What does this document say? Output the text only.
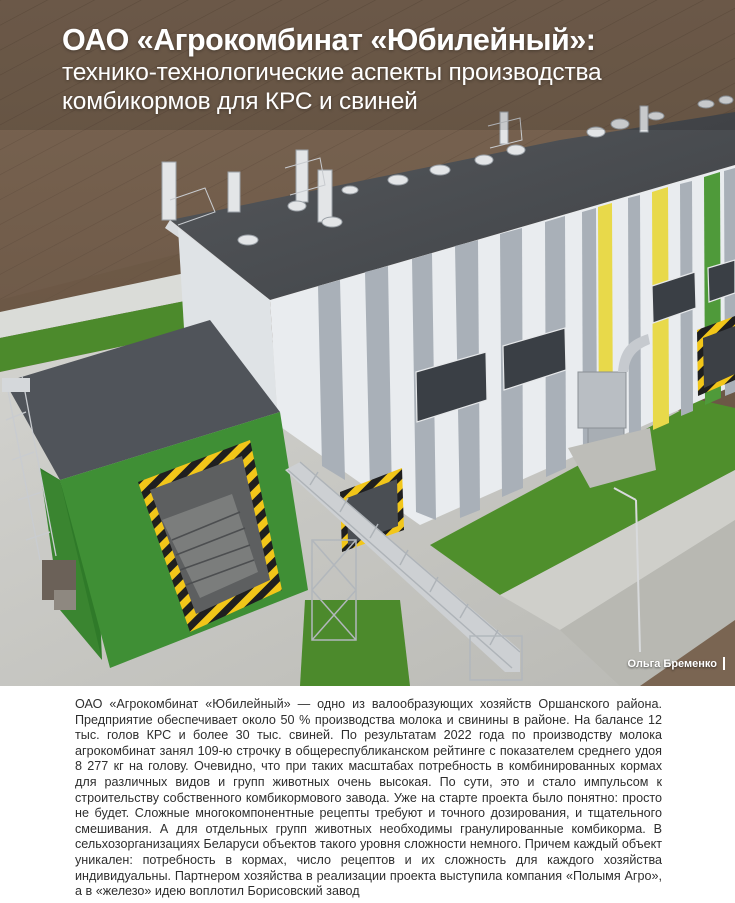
ОАО «Агрокомбинат «Юбилейный»:
технико-технологические аспекты производства
комбикормов для КРС и свиней
Ольга Бременко

ОАО «Агрокомбинат «Юбилейный» — одно из валообразующих хозяйств Оршанского района. Предприятие обеспечивает около 50 % производства молока и свинины в районе. На балансе 12 тыс. голов КРС и более 30 тыс. свиней. По результатам 2022 года по производству молока агрокомбинат занял 109-ю строчку в общереспубликанском рейтинге с показателем среднего удоя 8 277 кг на голову. Очевидно, что при таких масштабах потребность в комбинированных кормах для различных видов и групп животных очень высокая. По сути, это и стало импульсом к строительству собственного комбикормового завода. Уже на старте проекта было понятно: просто не будет. Сложные многокомпонентные рецепты требуют и точного дозирования, и тщательного смешивания. А для отдельных групп животных необходимы гранулированные комбикорма. В сельхозорганизациях Беларуси объектов такого уровня сложности немного. Причем каждый объект уникален: потребность в кормах, число рецептов и их сложность для каждого хозяйства индивидуальны. Партнером хозяйства в реализации проекта выступила компания «Полымя Агро», а в «железо» идею воплотил Борисовский завод
